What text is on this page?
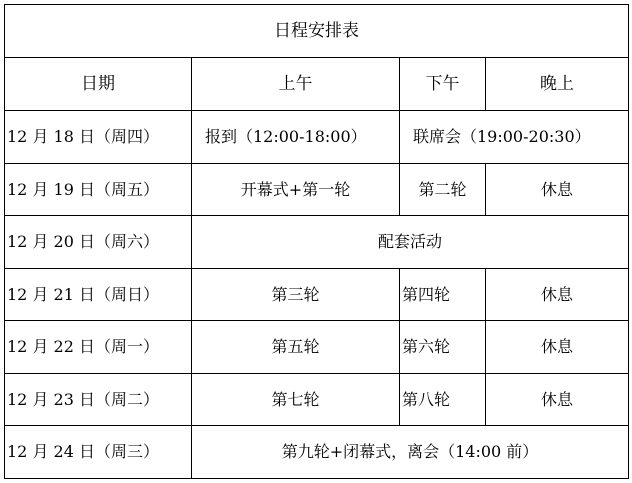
日程安排表			
日期	上午	下午	晚上
12 月 18 日（周四）	报到（12:00-18:00）	联席会（19:00-20:30）	
12 月 19 日（周五）	开幕式+第一轮	第二轮	休息
12 月 20 日（周六）	配套活动		
12 月 21 日（周日）	第三轮	第四轮	休息
12 月 22 日（周一）	第五轮	第六轮	休息
12 月 23 日（周二）	第七轮	第八轮	休息
12 月 24 日（周三）	第九轮+闭幕式，离会（14:00 前）		
